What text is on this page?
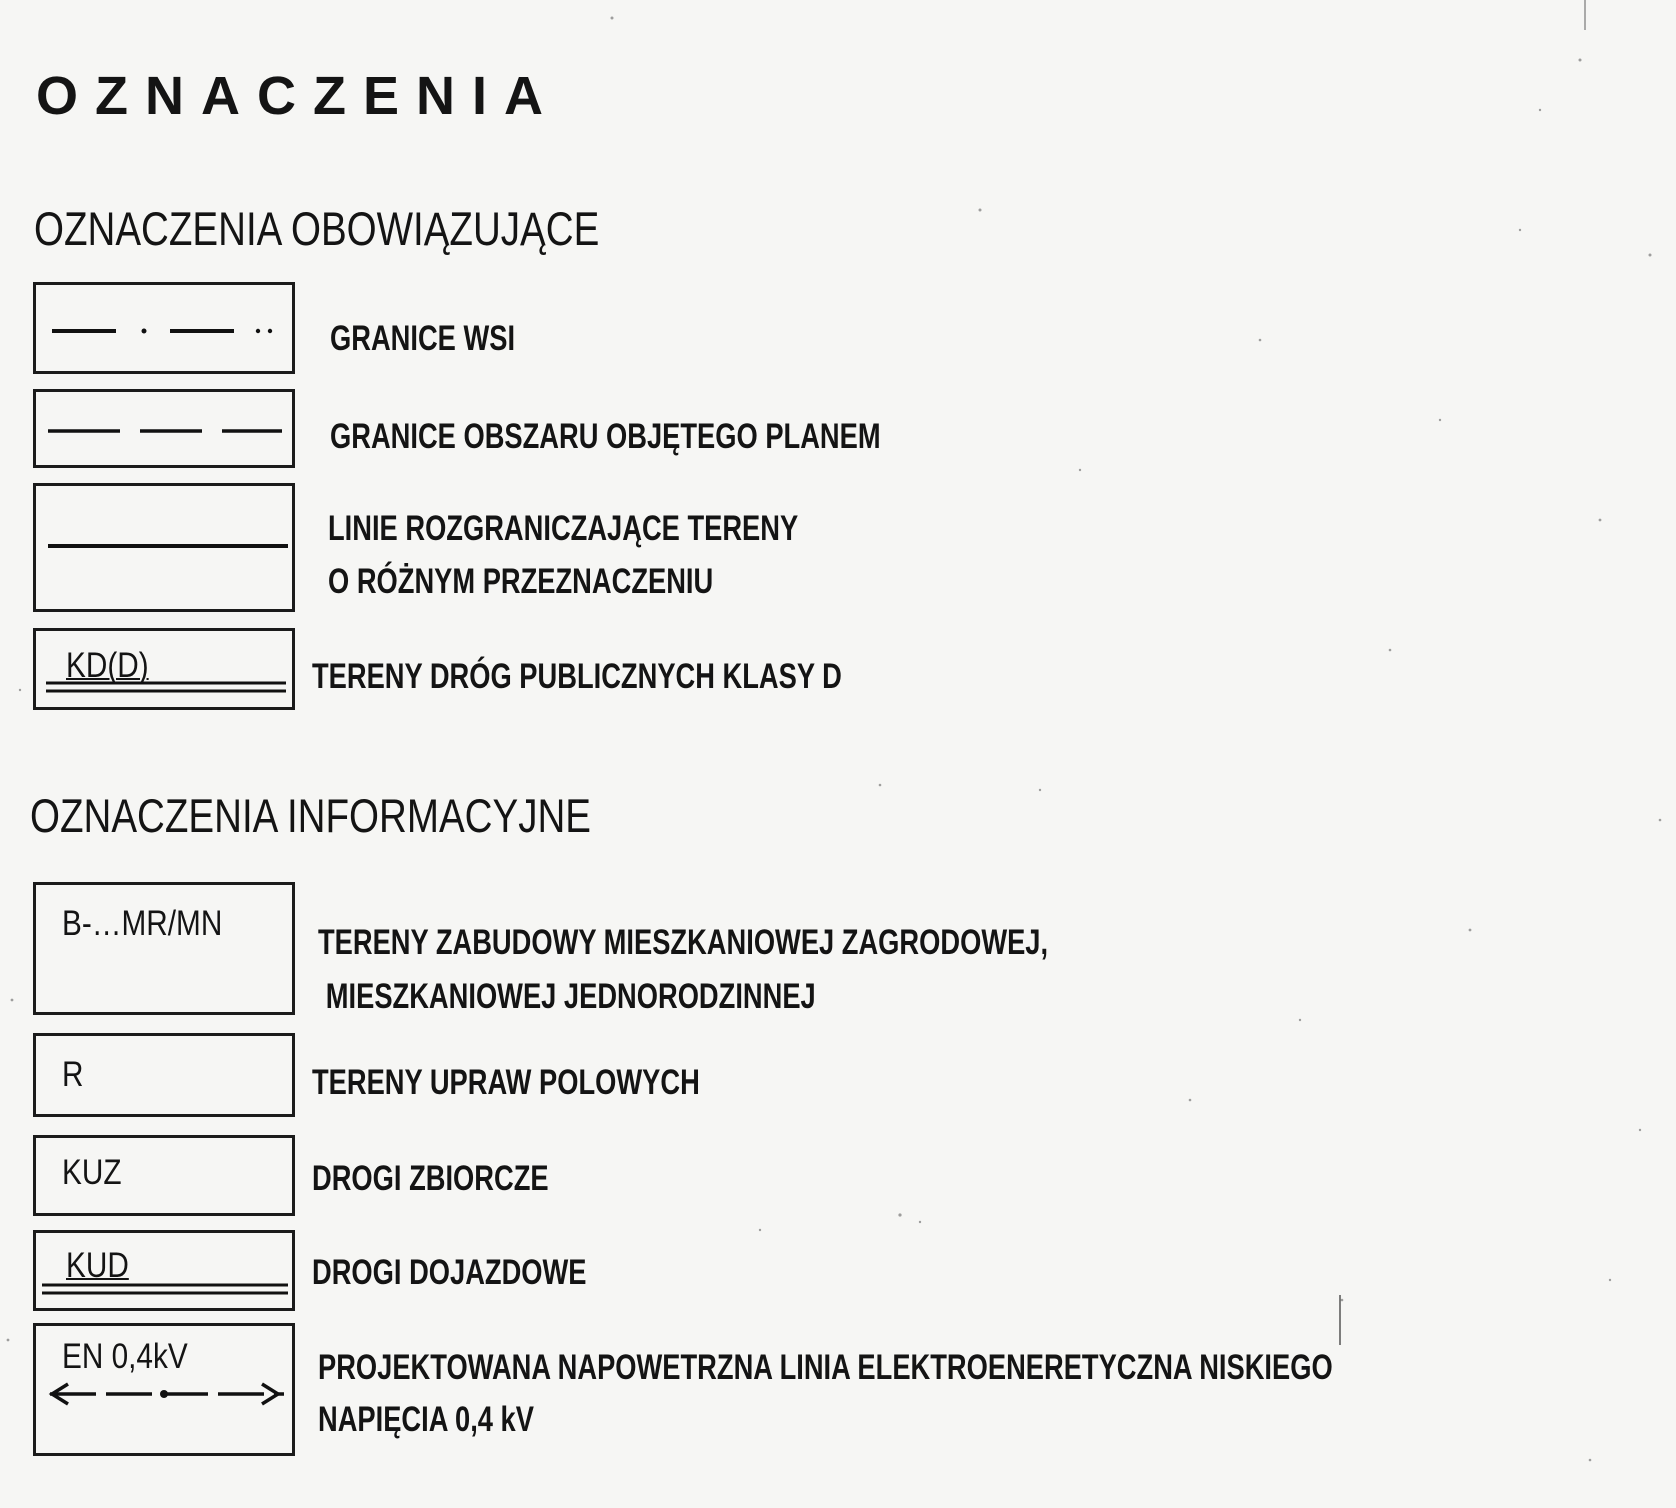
OZNACZENIA
OZNACZENIA OBOWIĄZUJĄCE

GRANICE WSI

GRANICE OBSZARU OBJĘTEGO PLANEM

LINIE ROZGRANICZAJĄCE TERENY
O RÓŻNYM PRZEZNACZENIU

KD(D)	TERENY DRÓG PUBLICZNYCH KLASY D

OZNACZENIA INFORMACYJNE
B-…MR/MN	TERENY ZABUDOWY MIESZKANIOWEJ ZAGRODOWEJ,
MIESZKANIOWEJ JEDNORODZINNEJ

R	TERENY UPRAW POLOWYCH

KUZ	DROGI ZBIORCZE

KUD	DROGI DOJAZDOWE

EN 0,4kV	PROJEKTOWANA NAPOWETRZNA LINIA ELEKTROENERETYCZNA NISKIEGO
NAPIĘCIA 0,4 kV
